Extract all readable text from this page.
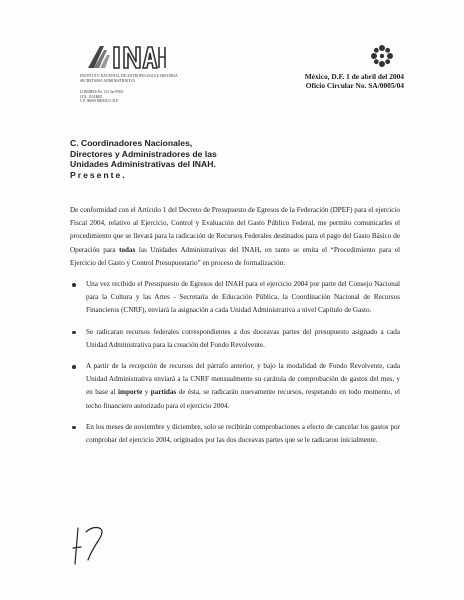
INSTITUTO NACIONAL DE ANTROPOLOGIA E HISTORIA
SECRETARIA ADMINISTRATIVA
LONDRES No. 121 3er PISO
COL. JUAREZ
C.P. 06600 MEXICO, D.F.
México, D.F. 1 de abril del 2004
Oficio Circular No. SA/0005/04
C. Coordinadores Nacionales,
Directores y Administradores de las
Unidades Administrativas del INAH.
Presente.

De conformidad con el Artículo 1 del Decreto de Presupuesto de Egresos de la Federación (DPEF) para el ejercicio Fiscal 2004, relativo al Ejercicio, Control y Evaluación del Gasto Público Federal, me permito comunicarles el procedimiento que se llevará para la radicación de Recursos Federales destinados para el pago del Gasto Básico de Operación para todas las Unidades Administrativas del INAH, en tanto se emita el “Procedimiento para el Ejercicio del Gasto y Control Presupuestario” en proceso de formalización:

Una vez recibido el Presupuesto de Egresos del INAH para el ejercicio 2004 por parte del Consejo Nacional para la Cultura y las Artes - Secretaría de Educación Pública, la Coordinación Nacional de Recursos Financieros (CNRF), enviará la asignación a cada Unidad Administrativa a nivel Capítulo de Gasto.
Se radicaran recursos federales correspondientes a dos doceavas partes del presupuesto asignado a cada Unidad Administrativa para la creación del Fondo Revolvente.
A partir de la recepción de recursos del párrafo anterior, y bajo la modalidad de Fondo Revolvente, cada Unidad Administrativa enviará a la CNRF mensualmente su carátula de comprobación de gastos del mes, y en base al importe y partidas de ésta, se radicarán nuevamente recursos, respetando en todo momento, el techo financiero autorizado para el ejercicio 2004.
En los meses de noviembre y diciembre, solo se recibirán comprobaciones a efecto de cancelar los gastos por comprobar del ejercicio 2004, originados por las dos doceavas partes que se le radicaron inicialmente.
